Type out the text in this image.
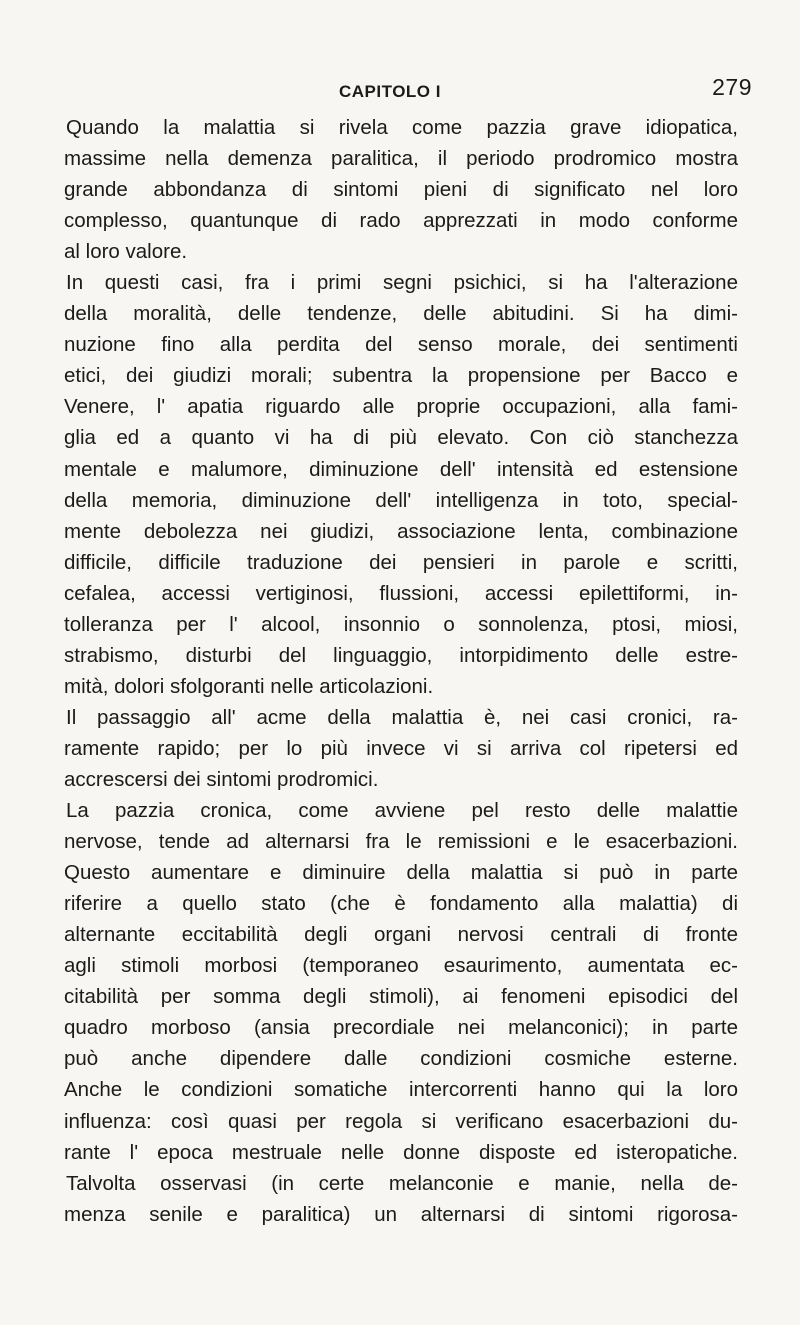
CAPITOLO I	279
Quando la malattia si rivela come pazzia grave idiopatica,
massime nella demenza paralitica, il periodo prodromico mostra
grande abbondanza di sintomi pieni di significato nel loro
complesso, quantunque di rado apprezzati in modo conforme
al loro valore.
In questi casi, fra i primi segni psichici, si ha l'alterazione
della moralità, delle tendenze, delle abitudini. Si ha dimi-
nuzione fino alla perdita del senso morale, dei sentimenti
etici, dei giudizi morali; subentra la propensione per Bacco e
Venere, l' apatia riguardo alle proprie occupazioni, alla fami-
glia ed a quanto vi ha di più elevato. Con ciò stanchezza
mentale e malumore, diminuzione dell' intensità ed estensione
della memoria, diminuzione dell' intelligenza in toto, special-
mente debolezza nei giudizi, associazione lenta, combinazione
difficile, difficile traduzione dei pensieri in parole e scritti,
cefalea, accessi vertiginosi, flussioni, accessi epilettiformi, in-
tolleranza per l' alcool, insonnio o sonnolenza, ptosi, miosi,
strabismo, disturbi del linguaggio, intorpidimento delle estre-
mità, dolori sfolgoranti nelle articolazioni.
Il passaggio all' acme della malattia è, nei casi cronici, ra-
ramente rapido; per lo più invece vi si arriva col ripetersi ed
accrescersi dei sintomi prodromici.
La pazzia cronica, come avviene pel resto delle malattie
nervose, tende ad alternarsi fra le remissioni e le esacerbazioni.
Questo aumentare e diminuire della malattia si può in parte
riferire a quello stato (che è fondamento alla malattia) di
alternante eccitabilità degli organi nervosi centrali di fronte
agli stimoli morbosi (temporaneo esaurimento, aumentata ec-
citabilità per somma degli stimoli), ai fenomeni episodici del
quadro morboso (ansia precordiale nei melanconici); in parte
può anche dipendere dalle condizioni cosmiche esterne.
Anche le condizioni somatiche intercorrenti hanno qui la loro
influenza: così quasi per regola si verificano esacerbazioni du-
rante l' epoca mestruale nelle donne disposte ed isteropatiche.
Talvolta osservasi (in certe melanconie e manie, nella de-
menza senile e paralitica) un alternarsi di sintomi rigorosa-
